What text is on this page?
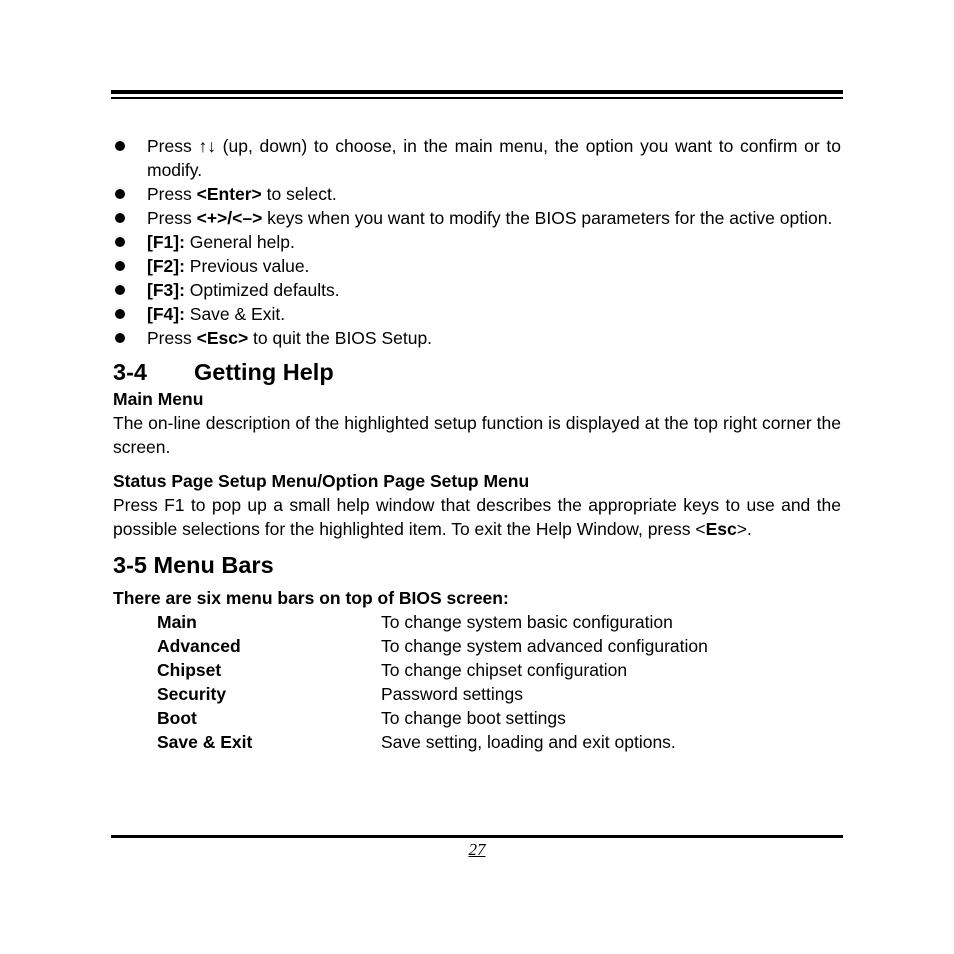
Press ↑↓ (up, down) to choose, in the main menu, the option you want to confirm or to modify.
Press <Enter> to select.
Press <+>/<–> keys when you want to modify the BIOS parameters for the active option.
[F1]: General help.
[F2]: Previous value.
[F3]: Optimized defaults.
[F4]: Save & Exit.
Press <Esc> to quit the BIOS Setup.
3-4 Getting Help
Main Menu
The on-line description of the highlighted setup function is displayed at the top right corner the screen.
Status Page Setup Menu/Option Page Setup Menu
Press F1 to pop up a small help window that describes the appropriate keys to use and the possible selections for the highlighted item. To exit the Help Window, press <Esc>.
3-5 Menu Bars
There are six menu bars on top of BIOS screen:
Main	To change system basic configuration
Advanced	To change system advanced configuration
Chipset	To change chipset configuration
Security	Password settings
Boot	To change boot settings
Save & Exit	Save setting, loading and exit options.
27
